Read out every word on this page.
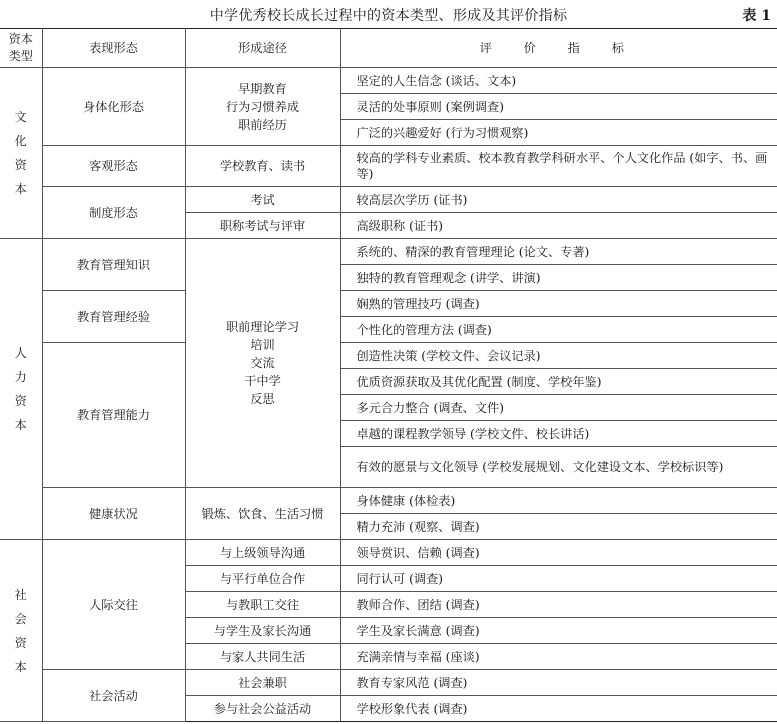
中学优秀校长成长过程中的资本类型、形成及其评价指标	表 1
资本类型	表现形态	形成途径	评 价 指 标
文化资本	身体化形态	早期教育
行为习惯养成
职前经历	坚定的人生信念 (谈话、文本)
			灵活的处事原则 (案例调查)
			广泛的兴趣爱好 (行为习惯观察)
	客观形态	学校教育、读书	较高的学科专业素质、校本教育教学科研水平、个人文化作品 (如字、书、画等)
	制度形态	考试	较高层次学历 (证书)
		职称考试与评审	高级职称 (证书)
人力资本	教育管理知识	职前理论学习
培训
交流
干中学
反思	系统的、精深的教育管理理论 (论文、专著)
			独特的教育管理观念 (讲学、讲演)
	教育管理经验		娴熟的管理技巧 (调查)
			个性化的管理方法 (调查)
	教育管理能力		创造性决策 (学校文件、会议记录)
			优质资源获取及其优化配置 (制度、学校年鉴)
			多元合力整合 (调查、文件)
			卓越的课程教学领导 (学校文件、校长讲话)
			有效的愿景与文化领导 (学校发展规划、文化建设文本、学校标识等)
	健康状况	锻炼、饮食、生活习惯	身体健康 (体检表)
			精力充沛 (观察、调查)
社会资本	人际交往	与上级领导沟通	领导赏识、信赖 (调查)
		与平行单位合作	同行认可 (调查)
		与教职工交往	教师合作、团结 (调查)
		与学生及家长沟通	学生及家长满意 (调查)
		与家人共同生活	充满亲情与幸福 (座谈)
	社会活动	社会兼职	教育专家风范 (调查)
		参与社会公益活动	学校形象代表 (调查)
